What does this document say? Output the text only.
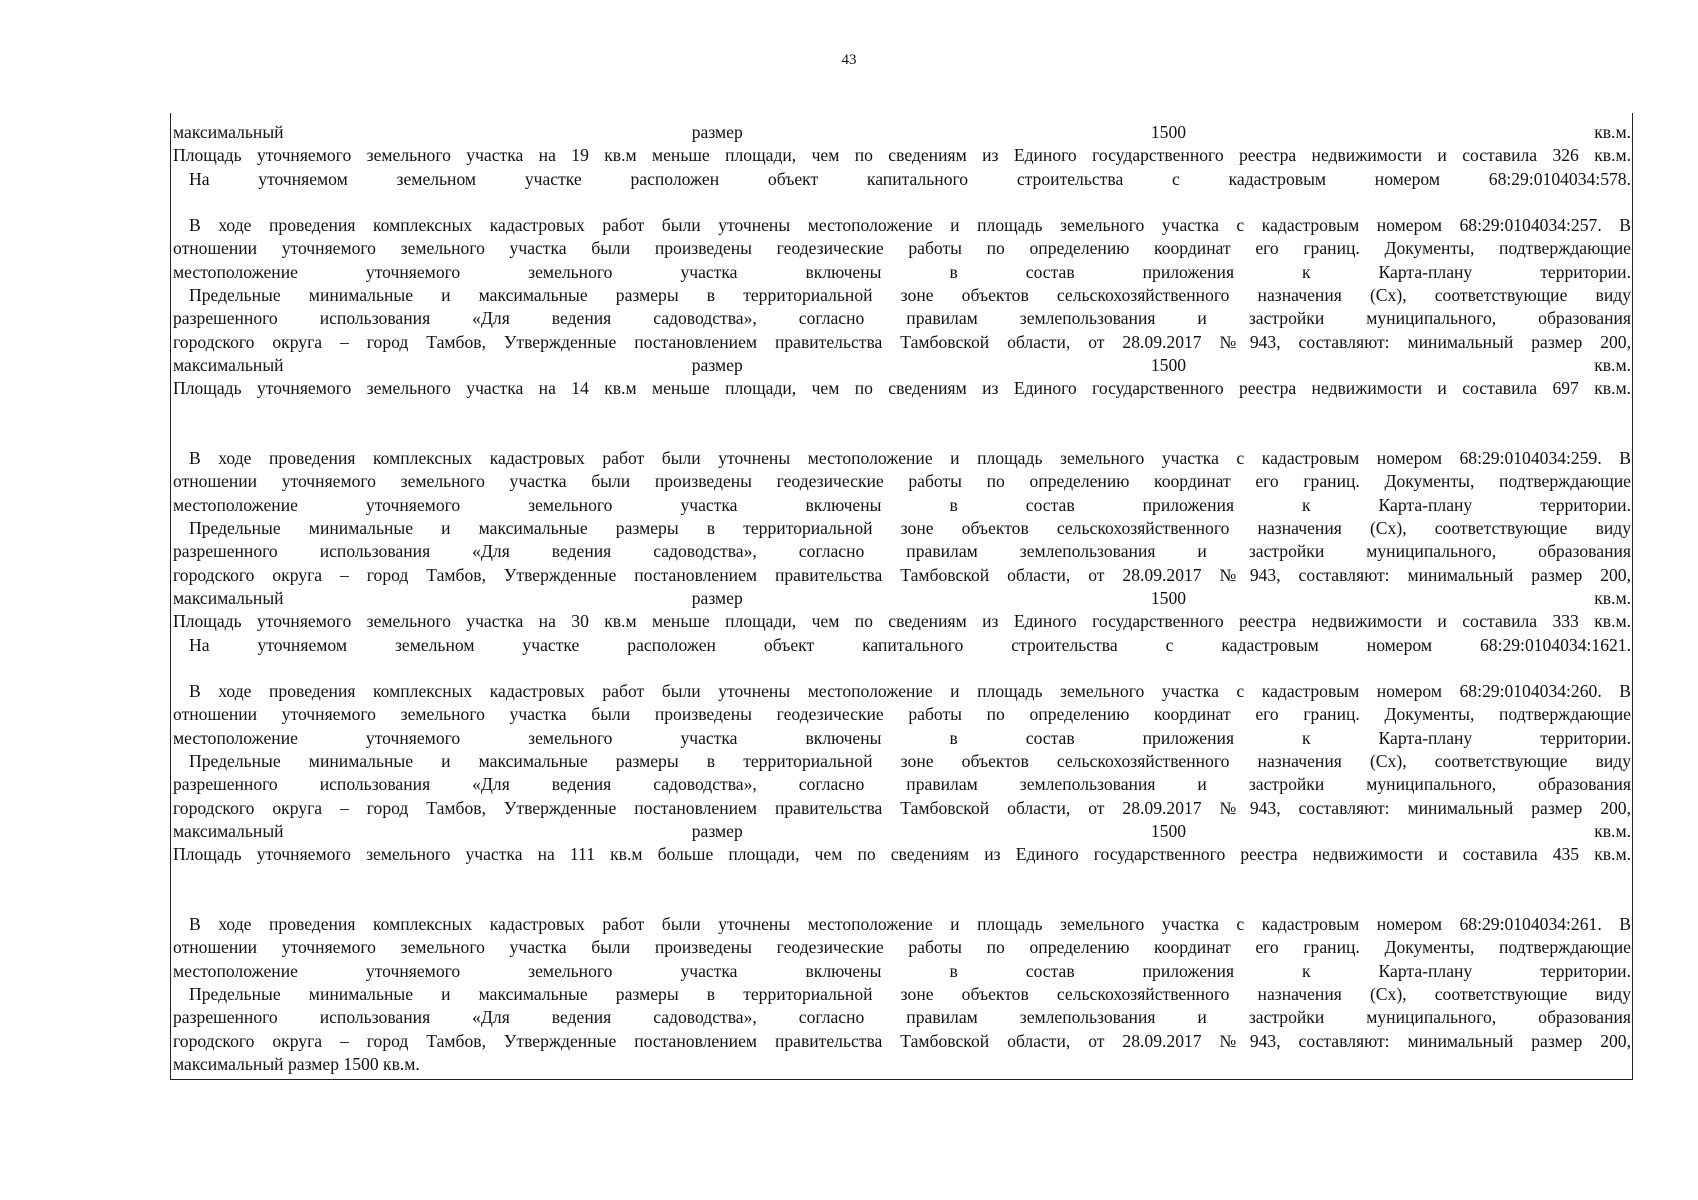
43
максимальный размер 1500 кв.м.
Площадь уточняемого земельного участка на 19 кв.м меньше площади, чем по сведениям из Единого государственного реестра недвижимости и составила 326 кв.м.
На уточняемом земельном участке расположен объект капитального строительства с кадастровым номером 68:29:0104034:578.
В ходе проведения комплексных кадастровых работ были уточнены местоположение и площадь земельного участка с кадастровым номером 68:29:0104034:257. В
отношении уточняемого земельного участка были произведены геодезические работы по определению координат его границ. Документы, подтверждающие
местоположение уточняемого земельного участка включены в состав приложения к Карта-плану территории.
Предельные минимальные и максимальные размеры в территориальной зоне объектов сельскохозяйственного назначения (Сх), соответствующие виду
разрешенного использования «Для ведения садоводства», согласно правилам землепользования и застройки муниципального, образования
городского округа – город Тамбов, Утвержденные постановлением правительства Тамбовской области, от 28.09.2017 №943, составляют: минимальный размер 200,
максимальный размер 1500 кв.м.
Площадь уточняемого земельного участка на 14 кв.м меньше площади, чем по сведениям из Единого государственного реестра недвижимости и составила 697 кв.м.
В ходе проведения комплексных кадастровых работ были уточнены местоположение и площадь земельного участка с кадастровым номером 68:29:0104034:259. В
отношении уточняемого земельного участка были произведены геодезические работы по определению координат его границ. Документы, подтверждающие
местоположение уточняемого земельного участка включены в состав приложения к Карта-плану территории.
Предельные минимальные и максимальные размеры в территориальной зоне объектов сельскохозяйственного назначения (Сх), соответствующие виду
разрешенного использования «Для ведения садоводства», согласно правилам землепользования и застройки муниципального, образования
городского округа – город Тамбов, Утвержденные постановлением правительства Тамбовской области, от 28.09.2017 №943, составляют: минимальный размер 200,
максимальный размер 1500 кв.м.
Площадь уточняемого земельного участка на 30 кв.м меньше площади, чем по сведениям из Единого государственного реестра недвижимости и составила 333 кв.м.
На уточняемом земельном участке расположен объект капитального строительства с кадастровым номером 68:29:0104034:1621.
В ходе проведения комплексных кадастровых работ были уточнены местоположение и площадь земельного участка с кадастровым номером 68:29:0104034:260. В
отношении уточняемого земельного участка были произведены геодезические работы по определению координат его границ. Документы, подтверждающие
местоположение уточняемого земельного участка включены в состав приложения к Карта-плану территории.
Предельные минимальные и максимальные размеры в территориальной зоне объектов сельскохозяйственного назначения (Сх), соответствующие виду
разрешенного использования «Для ведения садоводства», согласно правилам землепользования и застройки муниципального, образования
городского округа – город Тамбов, Утвержденные постановлением правительства Тамбовской области, от 28.09.2017 №943, составляют: минимальный размер 200,
максимальный размер 1500 кв.м.
Площадь уточняемого земельного участка на 111 кв.м больше площади, чем по сведениям из Единого государственного реестра недвижимости и составила 435 кв.м.
В ходе проведения комплексных кадастровых работ были уточнены местоположение и площадь земельного участка с кадастровым номером 68:29:0104034:261. В
отношении уточняемого земельного участка были произведены геодезические работы по определению координат его границ. Документы, подтверждающие
местоположение уточняемого земельного участка включены в состав приложения к Карта-плану территории.
Предельные минимальные и максимальные размеры в территориальной зоне объектов сельскохозяйственного назначения (Сх), соответствующие виду
разрешенного использования «Для ведения садоводства», согласно правилам землепользования и застройки муниципального, образования
городского округа – город Тамбов, Утвержденные постановлением правительства Тамбовской области, от 28.09.2017 №943, составляют: минимальный размер 200,
максимальный размер 1500 кв.м.
